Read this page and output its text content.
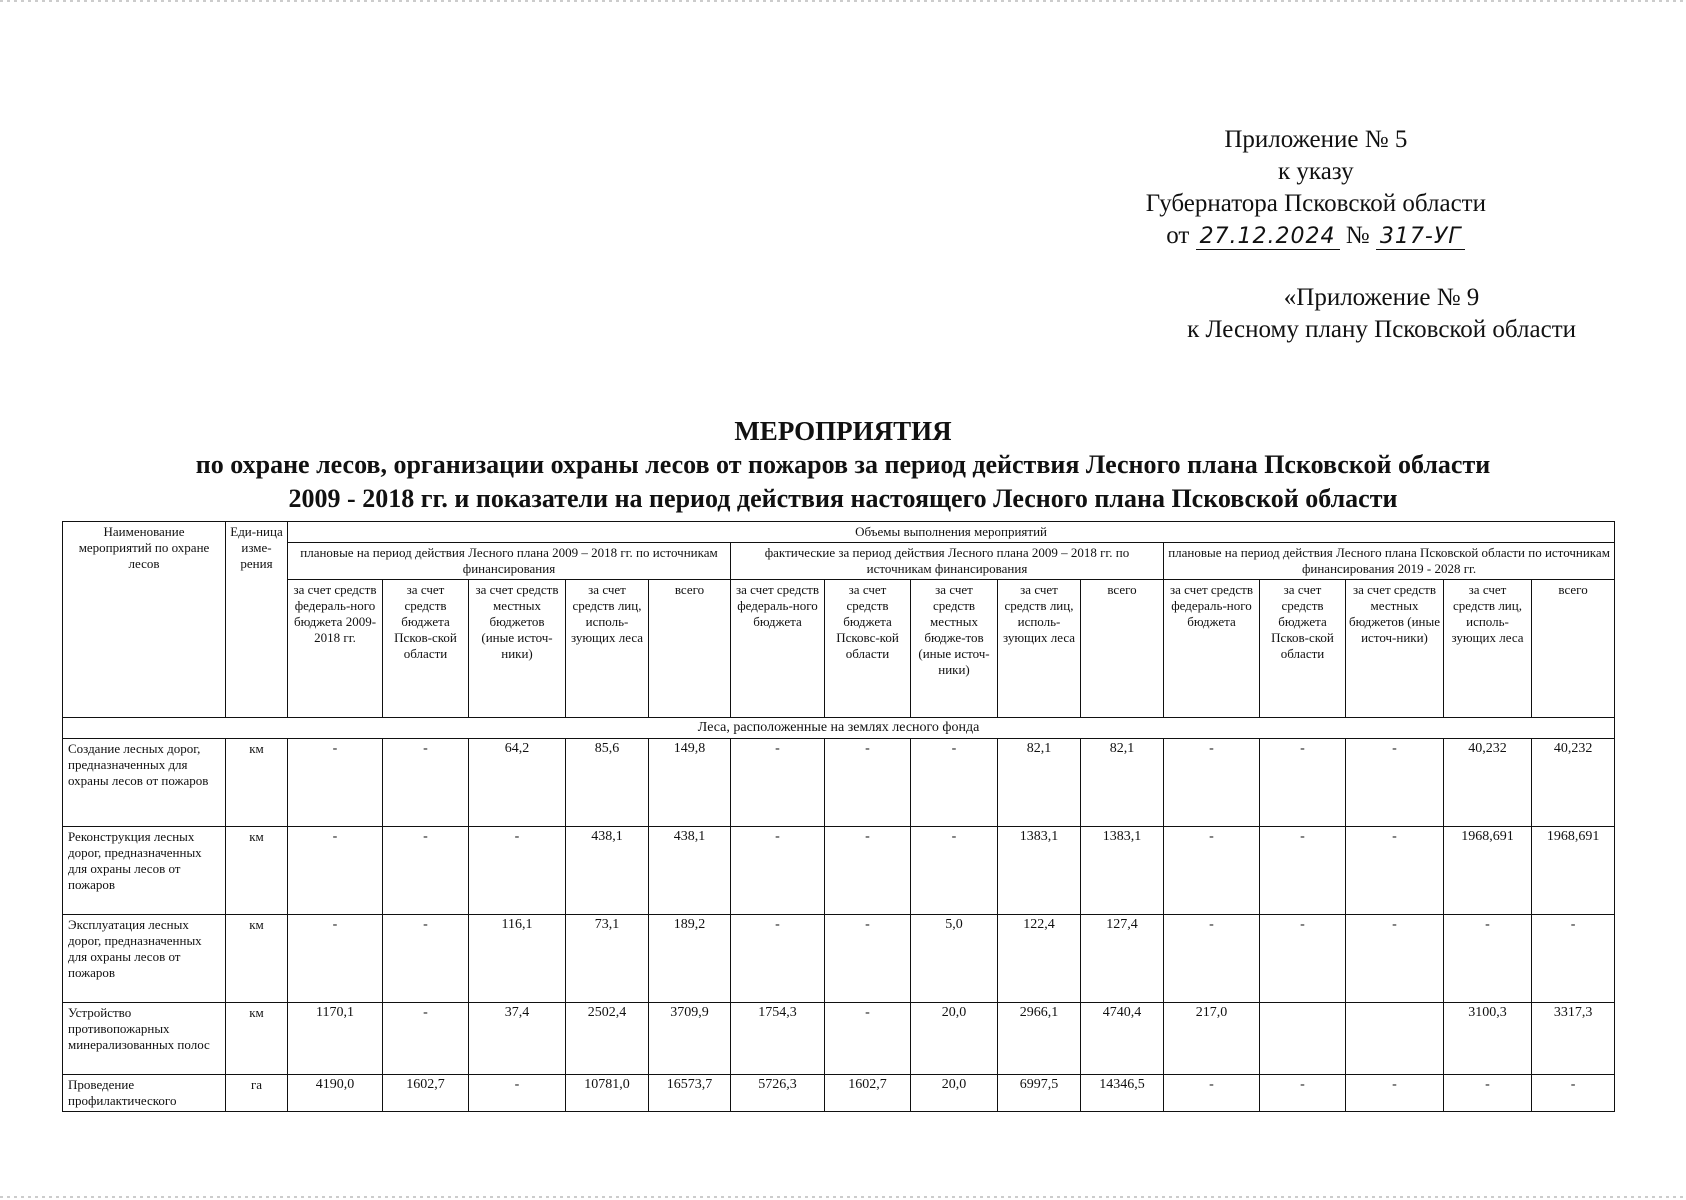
Приложение № 5
к указу
Губернатора Псковской области
от 27.12.2024 № 317-УГ
«Приложение № 9
к Лесному плану Псковской области
МЕРОПРИЯТИЯ
по охране лесов, организации охраны лесов от пожаров за период действия Лесного плана Псковской области
2009 - 2018 гг. и показатели на период действия настоящего Лесного плана Псковской области
Наименование мероприятий по охране лесов	Еди-ница изме-рения	Объемы выполнения мероприятий														
		плановые на период действия Лесного плана 2009 – 2018 гг. по источникам финансирования					фактические за период действия Лесного плана 2009 – 2018 гг. по источникам финансирования					плановые на период действия Лесного плана Псковской области по источникам финансирования 2019 - 2028 гг.				
		за счет средств федераль-ного бюджета 2009-2018 гг.	за счет средств бюджета Псков-ской области	за счет средств местных бюджетов (иные источ-ники)	за счет средств лиц, исполь-зующих леса	всего	за счет средств федераль-ного бюджета	за счет средств бюджета Псковс-кой области	за счет средств местных бюдже-тов (иные источ-ники)	за счет средств лиц, исполь-зующих леса	всего	за счет средств федераль-ного бюджета	за счет средств бюджета Псков-ской области	за счет средств местных бюджетов (иные источ-ники)	за счет средств лиц, исполь-зующих леса	всего
Леса, расположенные на землях лесного фонда																
Создание лесных дорог, предназначенных для охраны лесов от пожаров	км	-	-	64,2	85,6	149,8	-	-	-	82,1	82,1	-	-	-	40,232	40,232
Реконструкция лесных дорог, предназначенных для охраны лесов от пожаров	км	-	-	-	438,1	438,1	-	-	-	1383,1	1383,1	-	-	-	1968,691	1968,691
Эксплуатация лесных дорог, предназначенных для охраны лесов от пожаров	км	-	-	116,1	73,1	189,2	-	-	5,0	122,4	127,4	-	-	-	-	-
Устройство противопожарных минерализованных полос	км	1170,1	-	37,4	2502,4	3709,9	1754,3	-	20,0	2966,1	4740,4	217,0			3100,3	3317,3
Проведение профилактического	га	4190,0	1602,7	-	10781,0	16573,7	5726,3	1602,7	20,0	6997,5	14346,5	-	-	-	-	-
